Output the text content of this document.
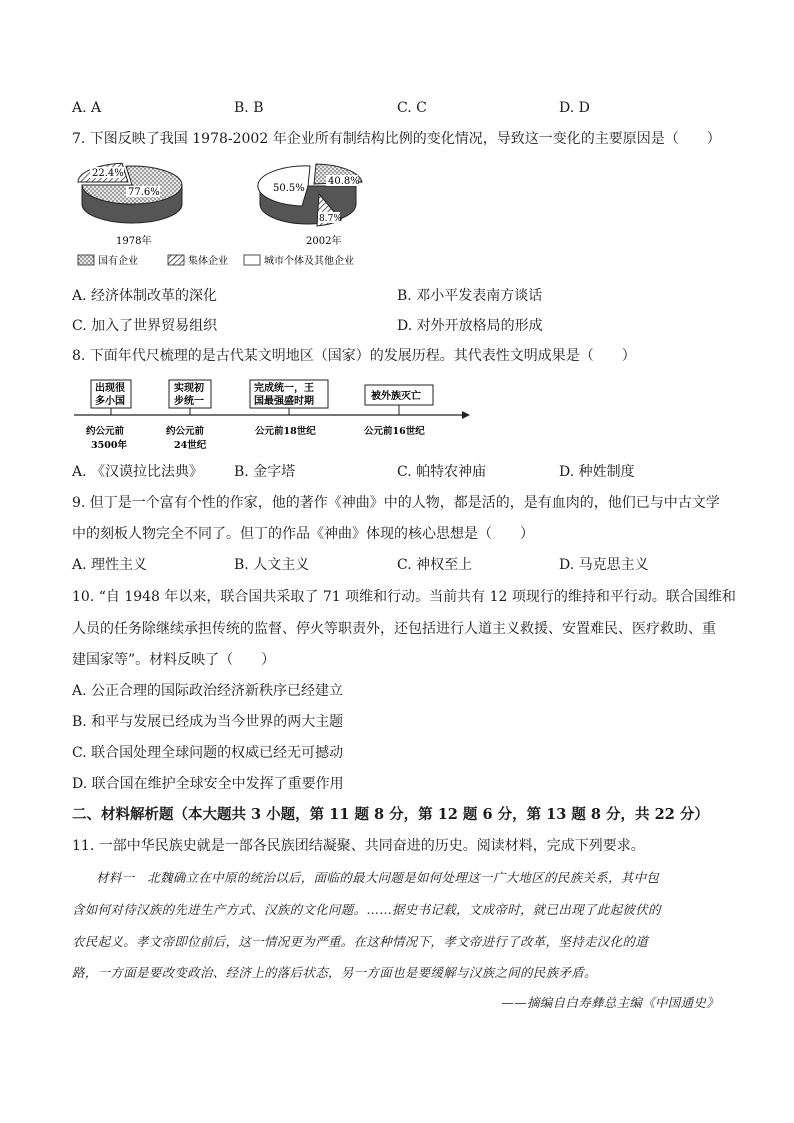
A. A	B. B	C. C	D. D
7. 下图反映了我国 1978-2002 年企业所有制结构比例的变化情况，导致这一变化的主要原因是（　　）
22.4%
77.6%
1978年
50.5%
40.8%
8.7%
2002年
国有企业	集体企业	城市个体及其他企业
A. 经济体制改革的深化	B. 邓小平发表南方谈话
C. 加入了世界贸易组织	D. 对外开放格局的形成
8. 下面年代尺梳理的是古代某文明地区（国家）的发展历程。其代表性文明成果是（　　）
出现很
多小国
约公元前
3500年
实现初
步统一
约公元前
24世纪
完成统一，王
国最强盛时期
公元前18世纪
被外族灭亡
公元前16世纪
A. 《汉谟拉比法典》 B. 金字塔	C. 帕特农神庙	D. 种姓制度
9. 但丁是一个富有个性的作家，他的著作《神曲》中的人物，都是活的，是有血肉的，他们已与中古文学
中的刻板人物完全不同了。但丁的作品《神曲》体现的核心思想是（　　）
A. 理性主义	B. 人文主义	C. 神权至上	D. 马克思主义
10. “自 1948 年以来，联合国共采取了 71 项维和行动。当前共有 12 项现行的维持和平行动。联合国维和
人员的任务除继续承担传统的监督、停火等职责外，还包括进行人道主义救援、安置难民、医疗救助、重
建国家等”。材料反映了（　　）
A. 公正合理的国际政治经济新秩序已经建立
B. 和平与发展已经成为当今世界的两大主题
C. 联合国处理全球问题的权威已经无可撼动
D. 联合国在维护全球安全中发挥了重要作用
二、材料解析题（本大题共 3 小题，第 11 题 8 分，第 12 题 6 分，第 13 题 8 分，共 22 分）
11. 一部中华民族史就是一部各民族团结凝聚、共同奋进的历史。阅读材料，完成下列要求。
材料一　北魏确立在中原的统治以后，面临的最大问题是如何处理这一广大地区的民族关系，其中包
含如何对待汉族的先进生产方式、汉族的文化问题。……据史书记载，文成帝时，就已出现了此起彼伏的
农民起义。孝文帝即位前后，这一情况更为严重。在这种情况下，孝文帝进行了改革，坚持走汉化的道
路，一方面是要改变政治、经济上的落后状态，另一方面也是要缓解与汉族之间的民族矛盾。
——摘编自白寿彝总主编《中国通史》
